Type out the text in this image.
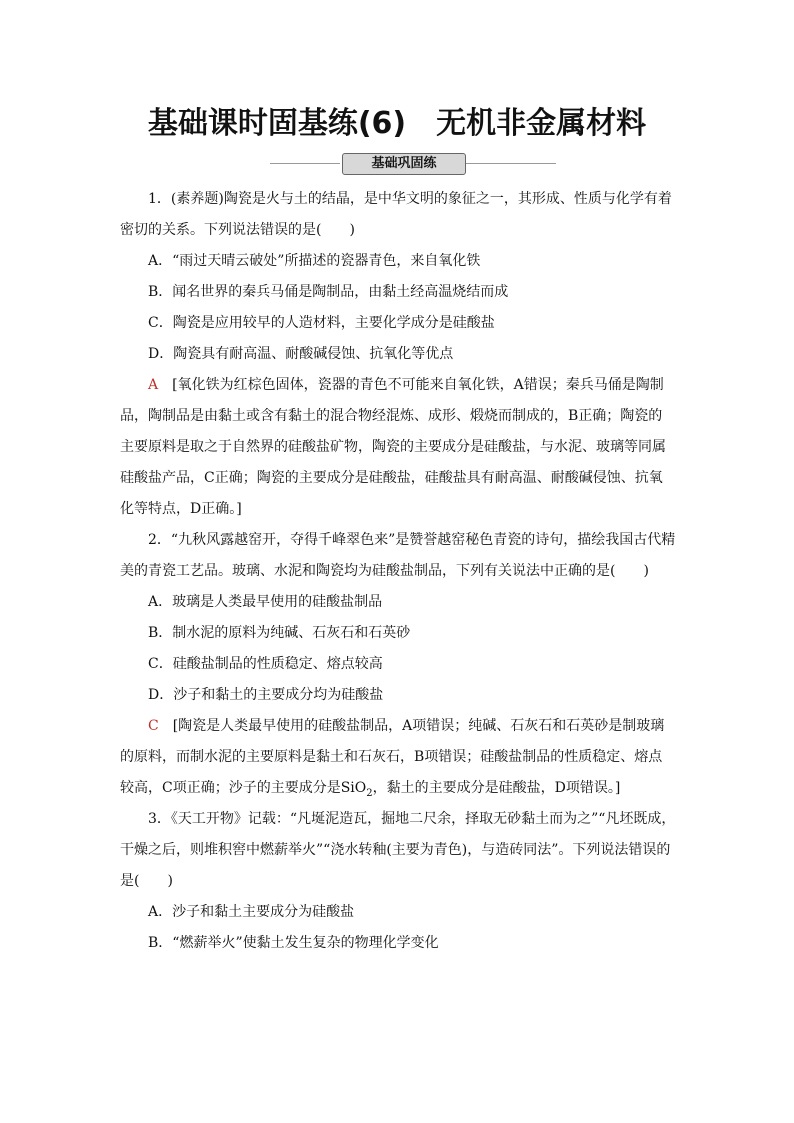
基础课时固基练(6)　无机非金属材料
基础巩固练

1．(素养题)陶瓷是火与土的结晶，是中华文明的象征之一，其形成、性质与化学有着密切的关系。下列说法错误的是(　　)

A．“雨过天晴云破处”所描述的瓷器青色，来自氧化铁

B．闻名世界的秦兵马俑是陶制品，由黏土经高温烧结而成

C．陶瓷是应用较早的人造材料，主要化学成分是硅酸盐

D．陶瓷具有耐高温、耐酸碱侵蚀、抗氧化等优点

A　[氧化铁为红棕色固体，瓷器的青色不可能来自氧化铁，A错误；秦兵马俑是陶制品，陶制品是由黏土或含有黏土的混合物经混炼、成形、煅烧而制成的，B正确；陶瓷的主要原料是取之于自然界的硅酸盐矿物，陶瓷的主要成分是硅酸盐，与水泥、玻璃等同属硅酸盐产品，C正确；陶瓷的主要成分是硅酸盐，硅酸盐具有耐高温、耐酸碱侵蚀、抗氧化等特点，D正确。]

2．“九秋风露越窑开，夺得千峰翠色来”是赞誉越窑秘色青瓷的诗句，描绘我国古代精美的青瓷工艺品。玻璃、水泥和陶瓷均为硅酸盐制品，下列有关说法中正确的是(　　)

A．玻璃是人类最早使用的硅酸盐制品

B．制水泥的原料为纯碱、石灰石和石英砂

C．硅酸盐制品的性质稳定、熔点较高

D．沙子和黏土的主要成分均为硅酸盐

C　[陶瓷是人类最早使用的硅酸盐制品，A项错误；纯碱、石灰石和石英砂是制玻璃的原料，而制水泥的主要原料是黏土和石灰石，B项错误；硅酸盐制品的性质稳定、熔点较高，C项正确；沙子的主要成分是SiO$_2$，黏土的主要成分是硅酸盐，D项错误。]

3．《天工开物》记载：“凡埏泥造瓦，掘地二尺余，择取无砂黏土而为之”“凡坯既成，干燥之后，则堆积窖中燃薪举火”“浇水转釉(主要为青色)，与造砖同法”。下列说法错误的是(　　)

A．沙子和黏土主要成分为硅酸盐

B．“燃薪举火”使黏土发生复杂的物理化学变化
